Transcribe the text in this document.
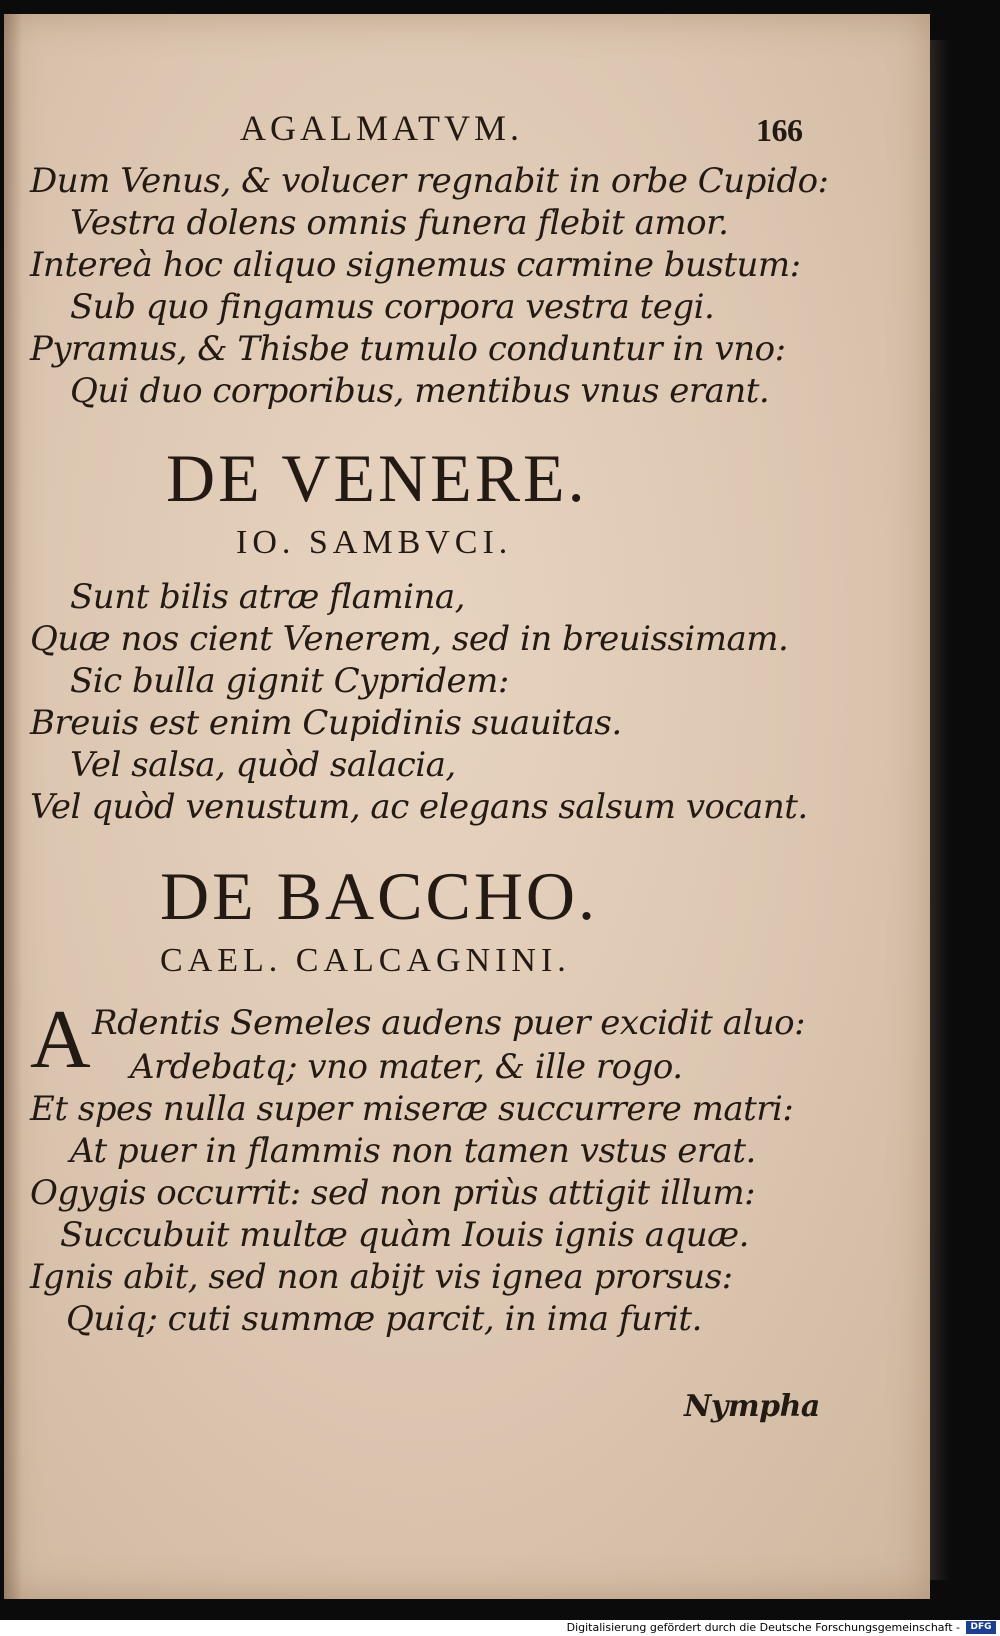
AGALMATVM.	166
Dum Venus, & volucer regnabit in orbe Cupido:
Vestra dolens omnis funera flebit amor.
Intereà hoc aliquo signemus carmine bustum:
Sub quo fingamus corpora vestra tegi.
Pyramus, & Thisbe tumulo conduntur in vno:
Qui duo corporibus, mentibus vnus erant.
DE VENERE.
IO. SAMBVCI.
Sunt bilis atræ flamina,
Quæ nos cient Venerem, sed in breuissimam.
Sic bulla gignit Cypridem:
Breuis est enim Cupidinis suauitas.
Vel salsa, quòd salacia,
Vel quòd venustum, ac elegans salsum vocant.
DE BACCHO.
CAEL. CALCAGNINI.
A Rdentis Semeles audens puer excidit aluo:
Ardebatq; vno mater, & ille rogo.
Et spes nulla super miseræ succurrere matri:
At puer in flammis non tamen vstus erat.
Ogygis occurrit: sed non priùs attigit illum:
Succubuit multæ quàm Iouis ignis aquæ.
Ignis abit, sed non abijt vis ignea prorsus:
Quiq; cuti summæ parcit, in ima furit.
Nympha
Digitalisierung gefördert durch die Deutsche Forschungsgemeinschaft -	DFG
